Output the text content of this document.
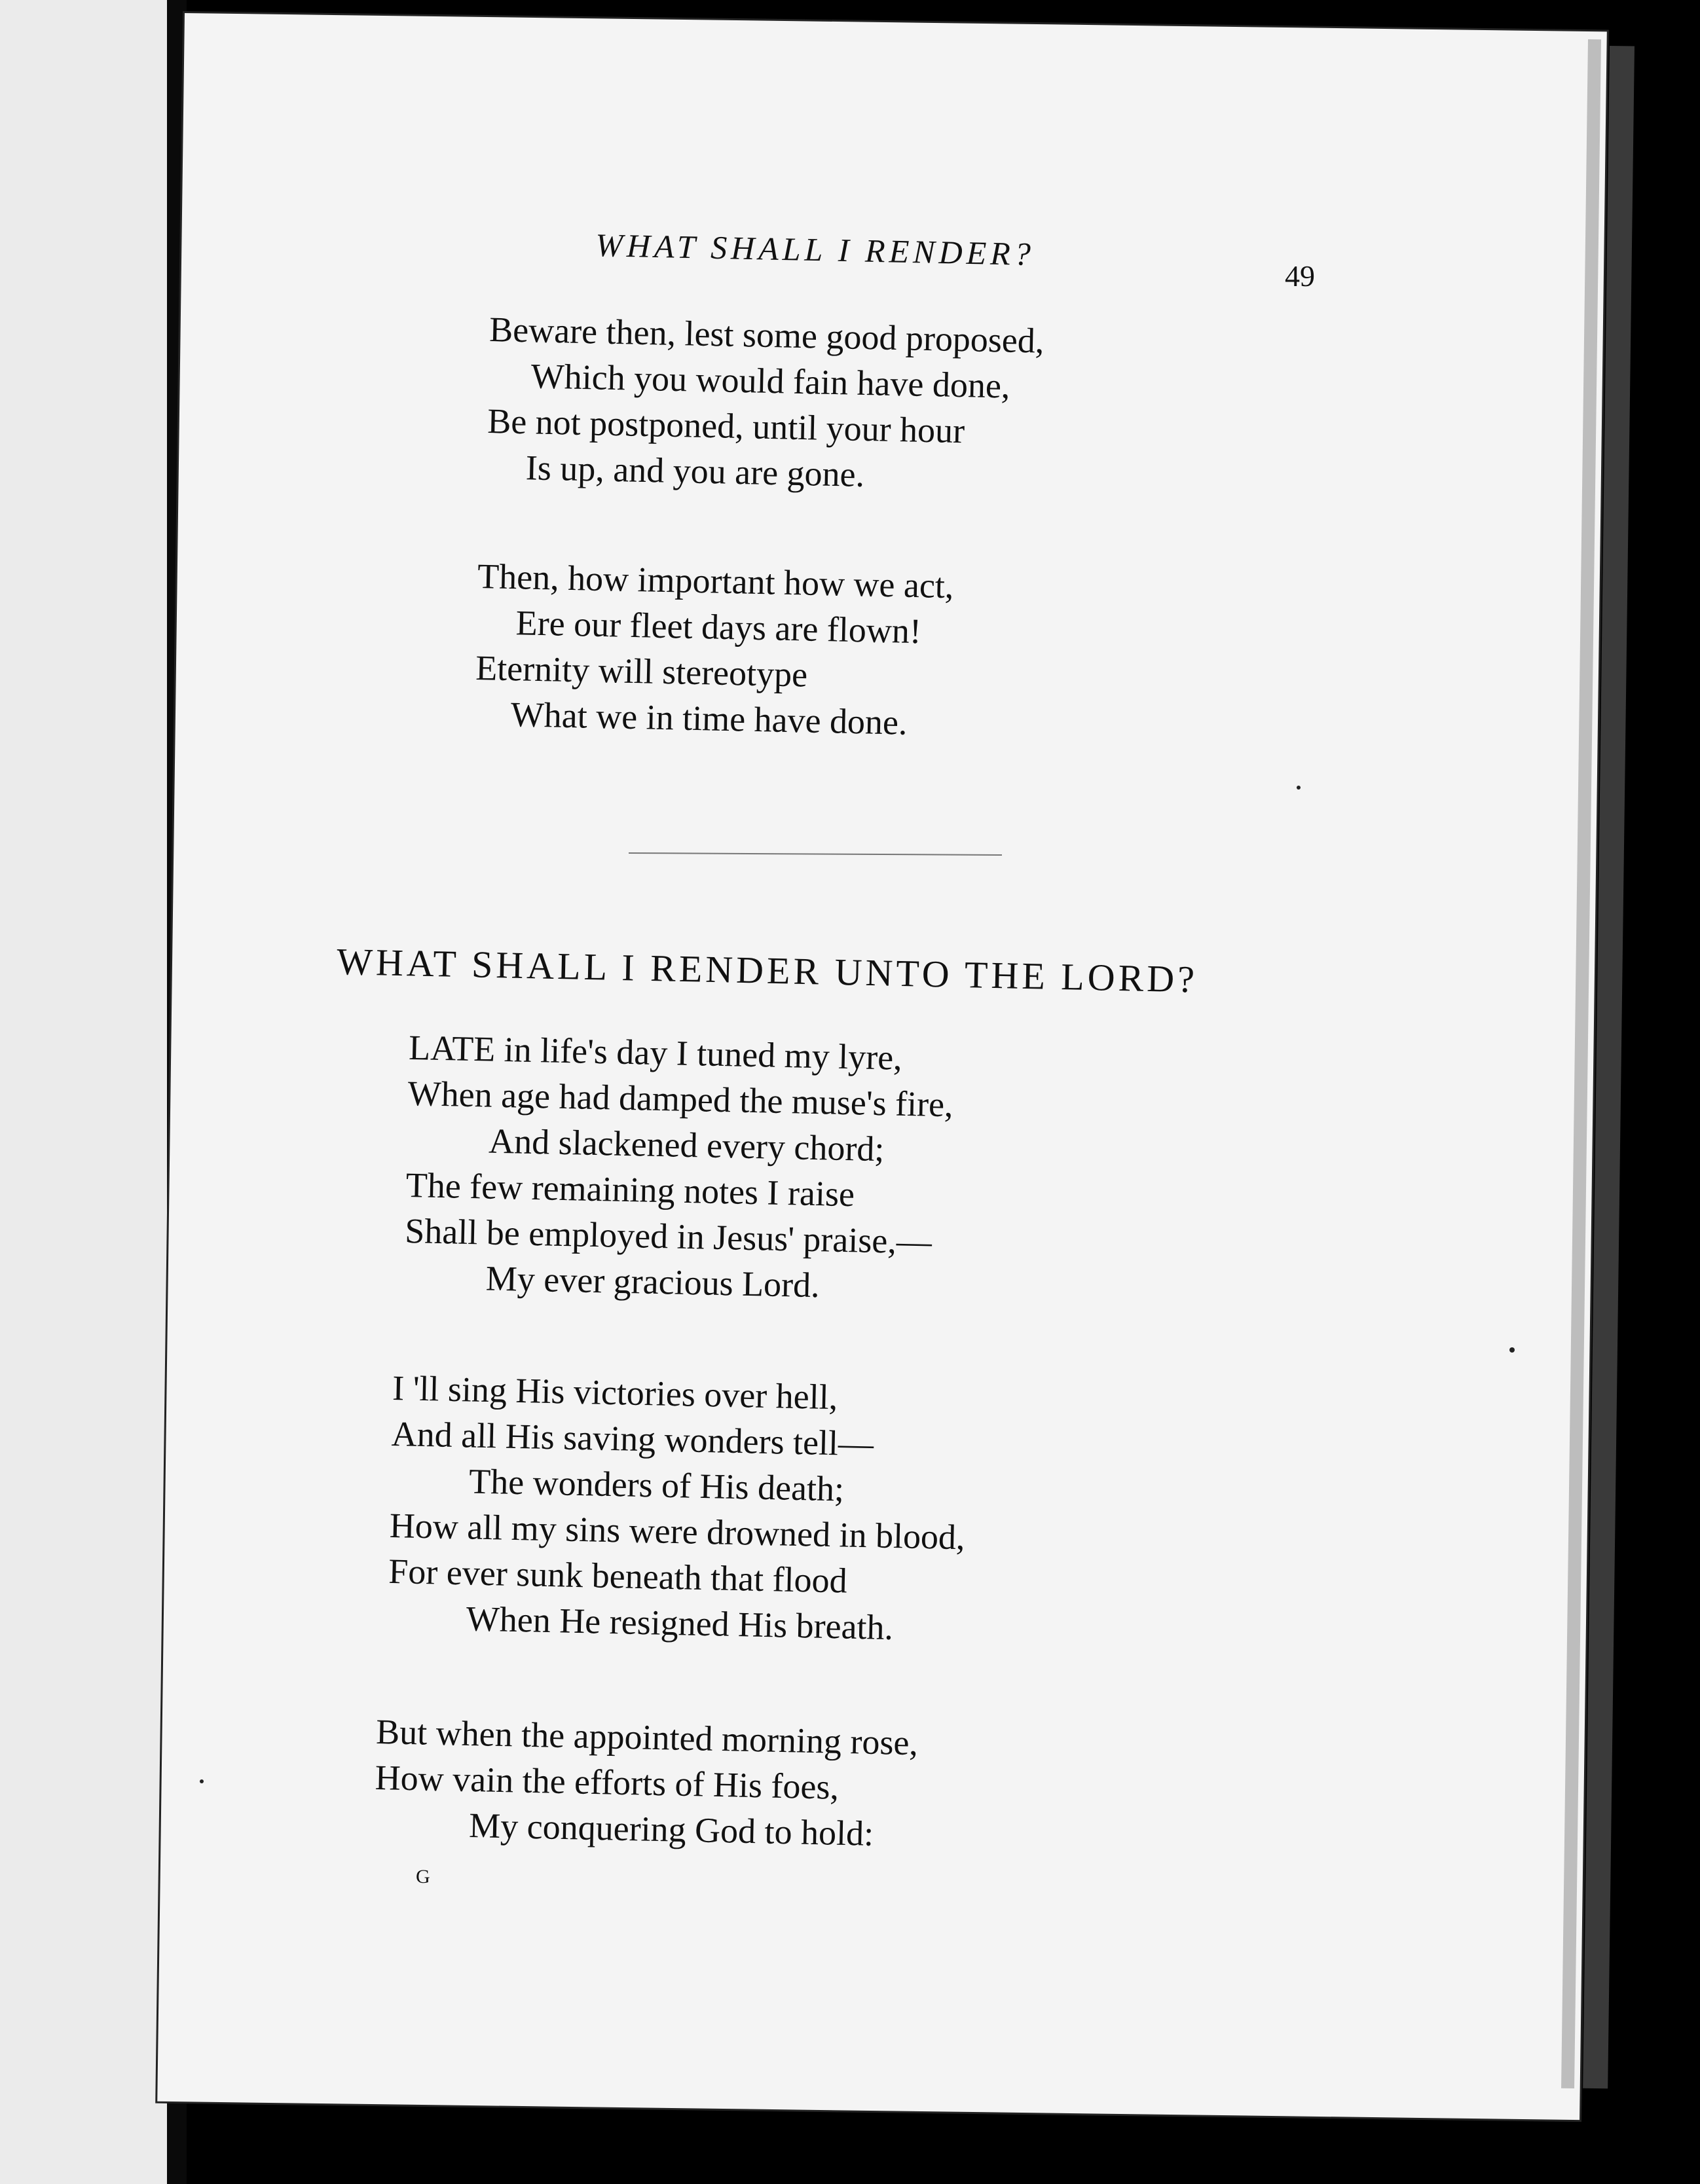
WHAT SHALL I RENDER?
49
Beware then, lest some good proposed,
Which you would fain have done,
Be not postponed, until your hour
Is up, and you are gone.
Then, how important how we act,
Ere our fleet days are flown!
Eternity will stereotype
What we in time have done.
WHAT SHALL I RENDER UNTO THE LORD?
LATE in life's day I tuned my lyre,
When age had damped the muse's fire,
And slackened every chord;
The few remaining notes I raise
Shall be employed in Jesus' praise,—
My ever gracious Lord.
I 'll sing His victories over hell,
And all His saving wonders tell—
The wonders of His death;
How all my sins were drowned in blood,
For ever sunk beneath that flood
When He resigned His breath.
But when the appointed morning rose,
How vain the efforts of His foes,
My conquering God to hold:
G
